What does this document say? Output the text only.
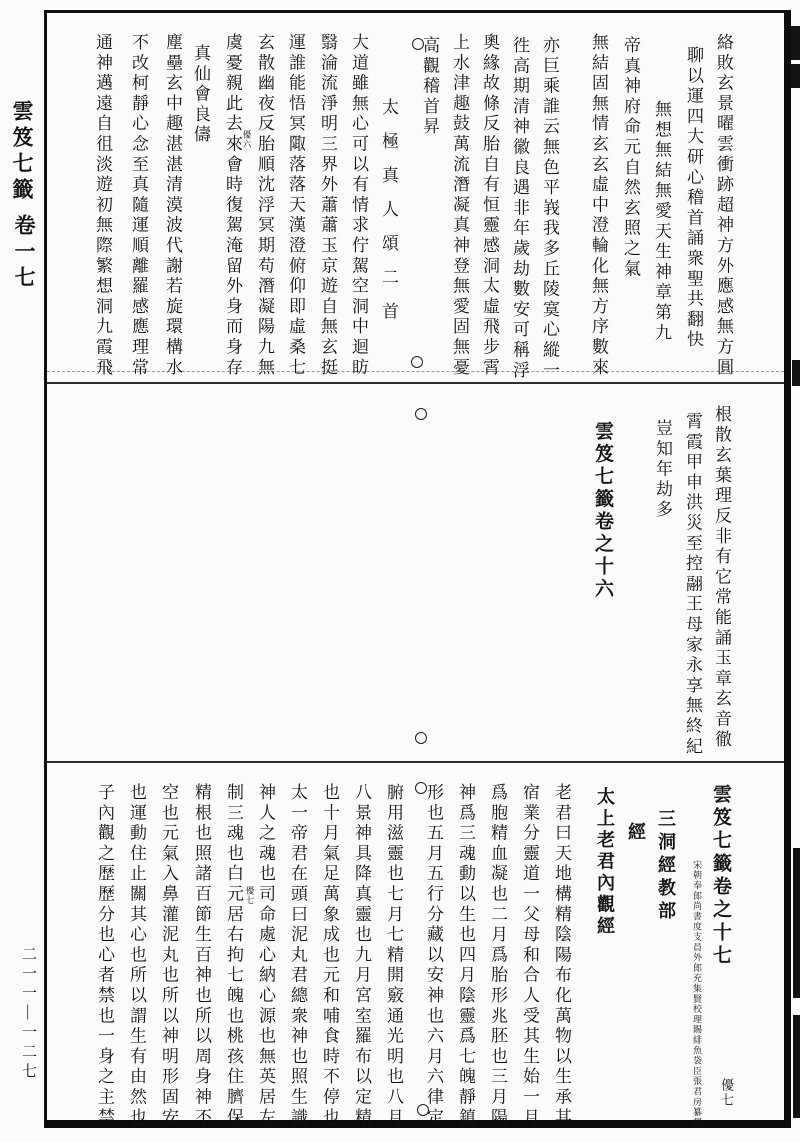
雲笈七籤
卷一七
二一一―一二七
絡敗玄景曜雲衝跡超神方外應感無方圓
聊以運四大研心稽首誦衆聖共翻快
無想無結無愛天生神章第九
帝真神府命元自然玄照之氣
無結固無情玄玄虛中澄輪化無方序數來
亦巨乘誰云無色平峩我多丘陵寞心縱一
徃高期清神徽良遇非年歲劫數安可稱浮
奧緣故條反胎自有恒靈感洞太虛飛步霄
上水津趣鼓萬流潛凝真神登無愛固無憂
高觀稽首昇
太極真人頌二首
大道雖無心可以有情求佇駕空洞中迴眆
翳淪流淨明三界外蕭蕭玉京遊自無玄挺
運誰能悟冥陬落落天漢澄俯仰即虛桑七
玄散幽夜反胎順沈浮冥期苟潛凝陽九無
虞憂親此去來會時復駕淹留外身而身存
真仙會良儔
塵壘玄中趣湛湛清漠波代謝若旋環構水
不改柯靜心念至真隨運順離羅感應理常
通神邁遠自徂淡遊初無際繁想洞九霞飛	優六
根散玄葉理反非有它常能誦玉章玄音徹
霄霞甲申洪災至控翮王母家永享無終紀
豈知年劫多
雲笈七籤卷之十六
雲笈七籤卷之十七
宋朝奉郎尚書度支員外郎充集賢校理賜緋魚袋臣張君房纂輯 優七
三洞經教部
經
太上老君內觀經
老君曰天地構精陰陽布化萬物以生承其
宿業分靈道一父母和合人受其生始一月
爲胞精血凝也二月爲胎形兆胚也三月陽
神爲三魂動以生也四月陰靈爲七魄靜鎮
形也五月五行分藏以安神也六月六律定
腑用滋靈也七月七精開竅通光明也八月
八景神具降真靈也九月宮室羅布以定精
也十月氣足萬象成也元和哺食時不停也
太一帝君在頭曰泥丸君總衆神也照生識
神人之魂也司命處心納心源也無英居左
制三魂也白元居右拘七魄也桃孩住臍保
精根也照諸百節生百神也所以周身神不
空也元氣入鼻灌泥丸也所以神明形固安
也運動住止關其心也所以謂生有由然也
子內觀之歷歷分也心者禁也一身之主禁	優七
